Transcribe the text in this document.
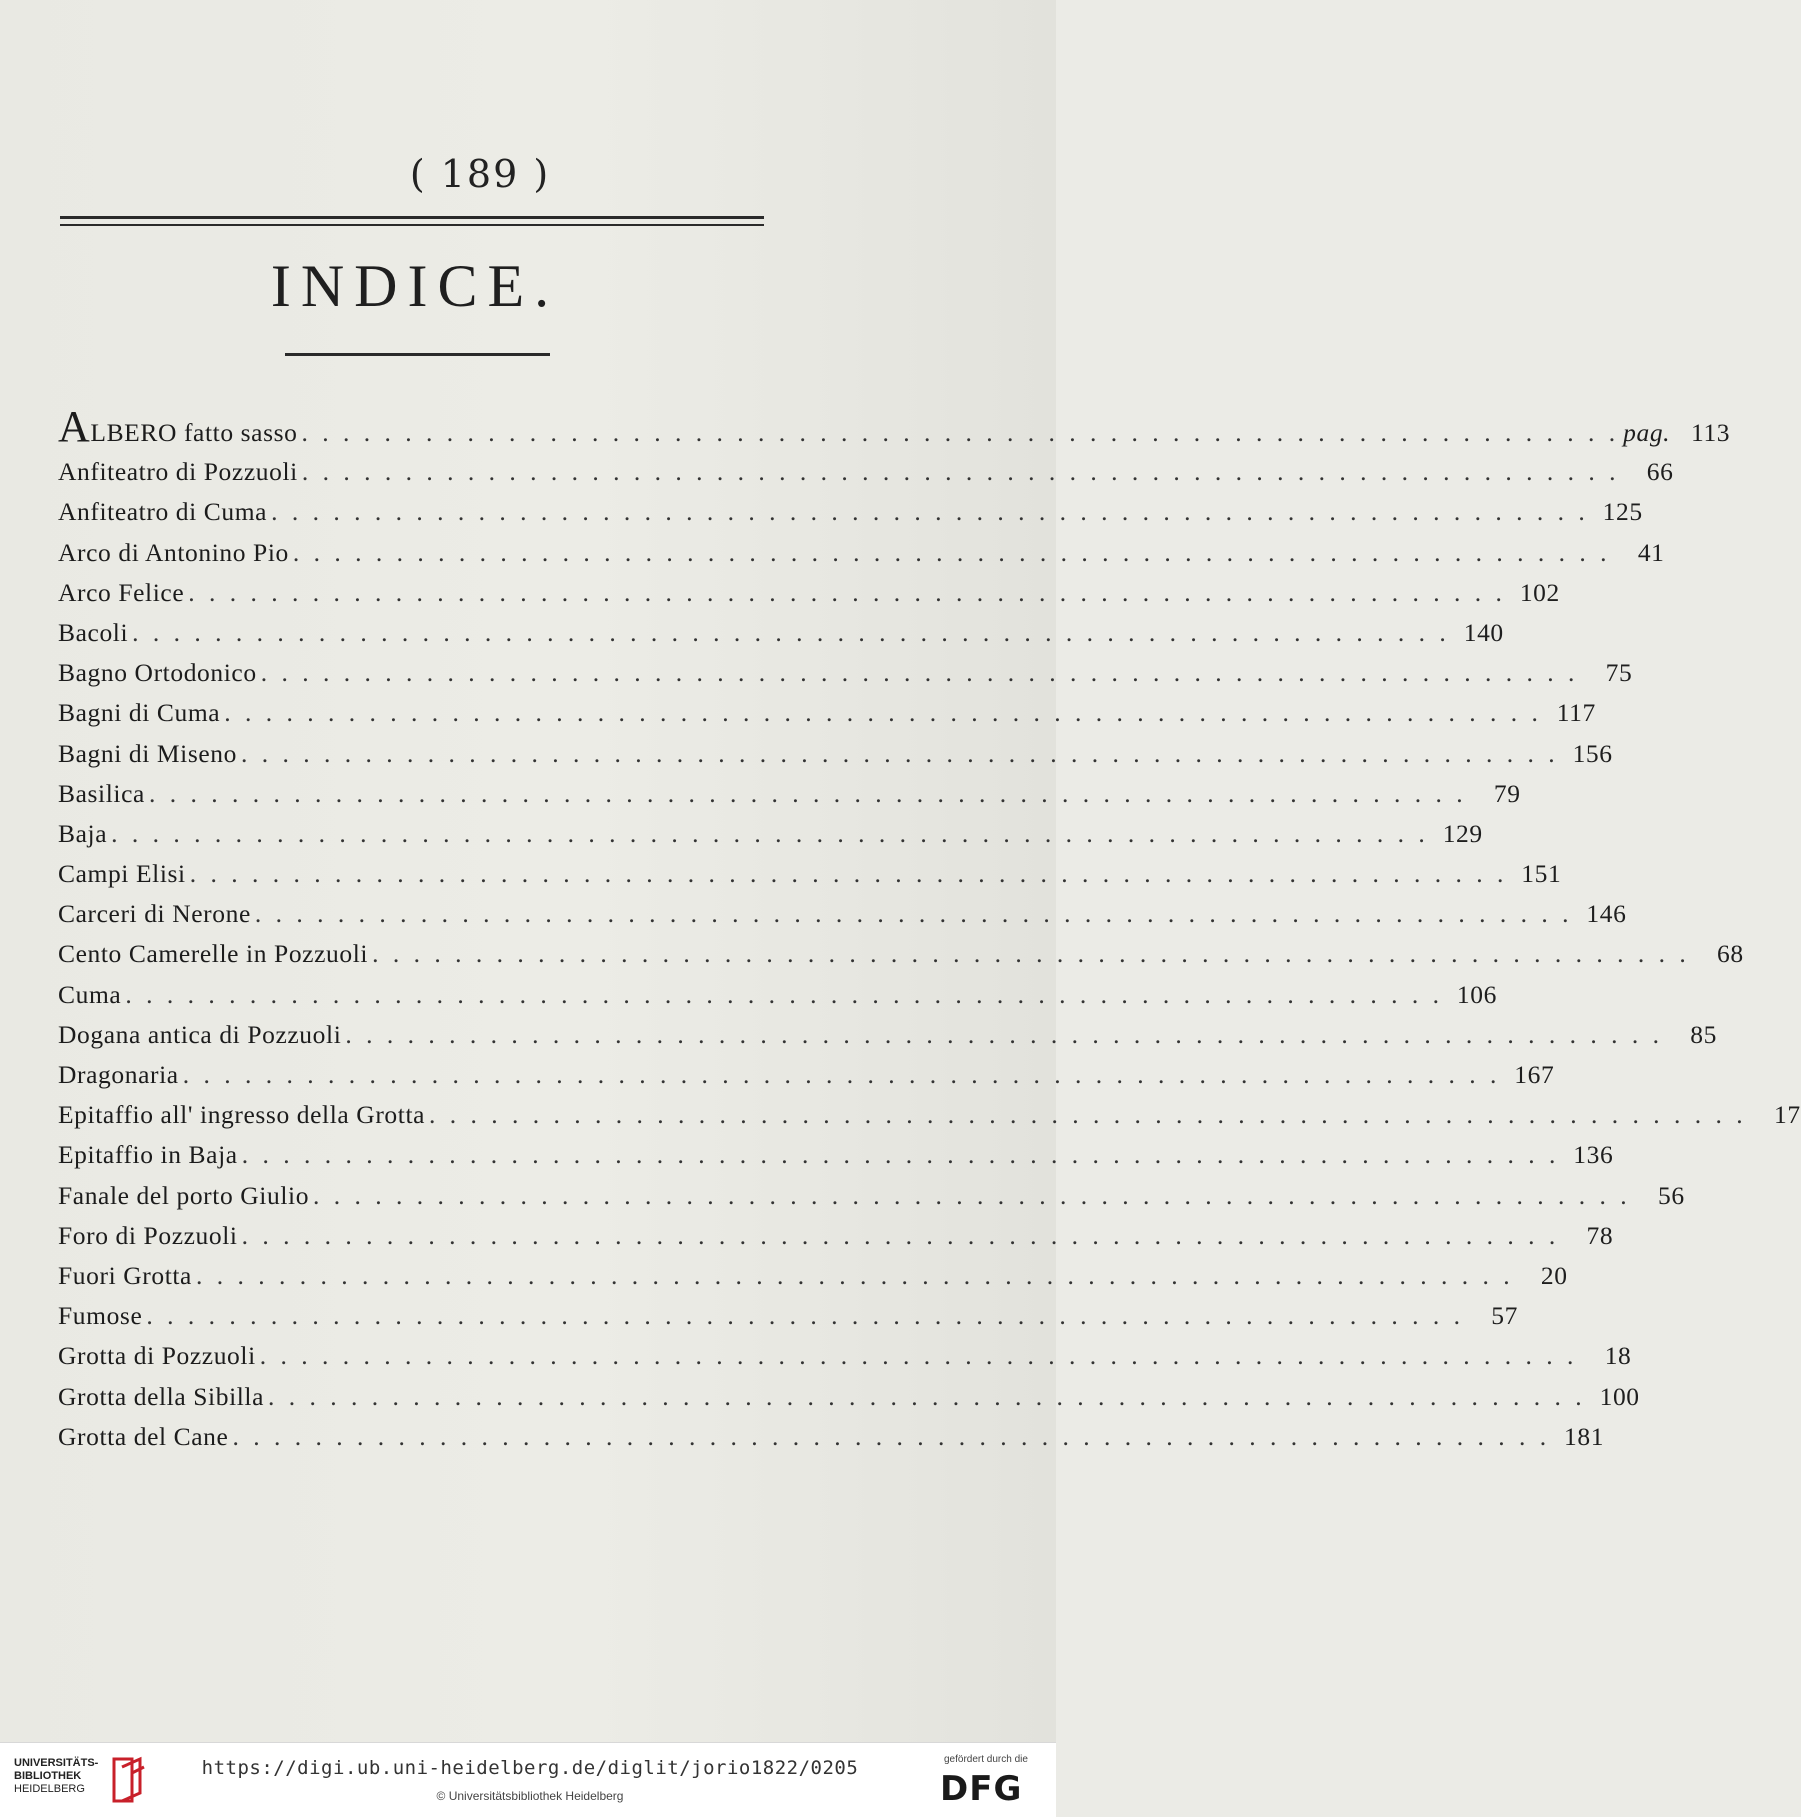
( 189 )
INDICE.
ALBERO fatto sasso . . . . . . . . . . . . . . . . . . . . . . . . . . . . . . . . . . . . . . . . . . . . . . . . . . . . . . . . . . . . . . . . pag. 113
Anfiteatro di Pozzuoli . . . . . . . . . . . . . . . . . . . . . . . . . . . . . . . . . . . . . . . . . . . . . . . . . . . . . . . . . . . . . . . .	66
Anfiteatro di Cuma . . . . . . . . . . . . . . . . . . . . . . . . . . . . . . . . . . . . . . . . . . . . . . . . . . . . . . . . . . . . . . . . 125
Arco di Antonino Pio . . . . . . . . . . . . . . . . . . . . . . . . . . . . . . . . . . . . . . . . . . . . . . . . . . . . . . . . . . . . . . . .	41
Arco Felice . . . . . . . . . . . . . . . . . . . . . . . . . . . . . . . . . . . . . . . . . . . . . . . . . . . . . . . . . . . . . . . . 102
Bacoli . . . . . . . . . . . . . . . . . . . . . . . . . . . . . . . . . . . . . . . . . . . . . . . . . . . . . . . . . . . . . . . . 140
Bagno Ortodonico . . . . . . . . . . . . . . . . . . . . . . . . . . . . . . . . . . . . . . . . . . . . . . . . . . . . . . . . . . . . . . . .	75
Bagni di Cuma . . . . . . . . . . . . . . . . . . . . . . . . . . . . . . . . . . . . . . . . . . . . . . . . . . . . . . . . . . . . . . . . 117
Bagni di Miseno . . . . . . . . . . . . . . . . . . . . . . . . . . . . . . . . . . . . . . . . . . . . . . . . . . . . . . . . . . . . . . . . 156
Basilica . . . . . . . . . . . . . . . . . . . . . . . . . . . . . . . . . . . . . . . . . . . . . . . . . . . . . . . . . . . . . . . .	79
Baja . . . . . . . . . . . . . . . . . . . . . . . . . . . . . . . . . . . . . . . . . . . . . . . . . . . . . . . . . . . . . . . . 129
Campi Elisi . . . . . . . . . . . . . . . . . . . . . . . . . . . . . . . . . . . . . . . . . . . . . . . . . . . . . . . . . . . . . . . . 151
Carceri di Nerone . . . . . . . . . . . . . . . . . . . . . . . . . . . . . . . . . . . . . . . . . . . . . . . . . . . . . . . . . . . . . . . . 146
Cento Camerelle in Pozzuoli . . . . . . . . . . . . . . . . . . . . . . . . . . . . . . . . . . . . . . . . . . . . . . . . . . . . . . . . . . . . . . . .	68
Cuma . . . . . . . . . . . . . . . . . . . . . . . . . . . . . . . . . . . . . . . . . . . . . . . . . . . . . . . . . . . . . . . . 106
Dogana antica di Pozzuoli . . . . . . . . . . . . . . . . . . . . . . . . . . . . . . . . . . . . . . . . . . . . . . . . . . . . . . . . . . . . . . . .	85
Dragonaria . . . . . . . . . . . . . . . . . . . . . . . . . . . . . . . . . . . . . . . . . . . . . . . . . . . . . . . . . . . . . . . . 167
Epitaffio all' ingresso della Grotta . . . . . . . . . . . . . . . . . . . . . . . . . . . . . . . . . . . . . . . . . . . . . . . . . . . . . . . . . . . . . . . .	17
Epitaffio in Baja . . . . . . . . . . . . . . . . . . . . . . . . . . . . . . . . . . . . . . . . . . . . . . . . . . . . . . . . . . . . . . . . 136
Fanale del porto Giulio . . . . . . . . . . . . . . . . . . . . . . . . . . . . . . . . . . . . . . . . . . . . . . . . . . . . . . . . . . . . . . . .	56
Foro di Pozzuoli . . . . . . . . . . . . . . . . . . . . . . . . . . . . . . . . . . . . . . . . . . . . . . . . . . . . . . . . . . . . . . . .	78
Fuori Grotta . . . . . . . . . . . . . . . . . . . . . . . . . . . . . . . . . . . . . . . . . . . . . . . . . . . . . . . . . . . . . . . .	20
Fumose . . . . . . . . . . . . . . . . . . . . . . . . . . . . . . . . . . . . . . . . . . . . . . . . . . . . . . . . . . . . . . . .	57
Grotta di Pozzuoli . . . . . . . . . . . . . . . . . . . . . . . . . . . . . . . . . . . . . . . . . . . . . . . . . . . . . . . . . . . . . . . .	18
Grotta della Sibilla . . . . . . . . . . . . . . . . . . . . . . . . . . . . . . . . . . . . . . . . . . . . . . . . . . . . . . . . . . . . . . . . 100
Grotta del Cane . . . . . . . . . . . . . . . . . . . . . . . . . . . . . . . . . . . . . . . . . . . . . . . . . . . . . . . . . . . . . . . . 181
UNIVERSITÄTS-
BIBLIOTHEK
HEIDELBERG
https://digi.ub.uni-heidelberg.de/diglit/jorio1822/0205
© Universitätsbibliothek Heidelberg
gefördert durch die
DFG
